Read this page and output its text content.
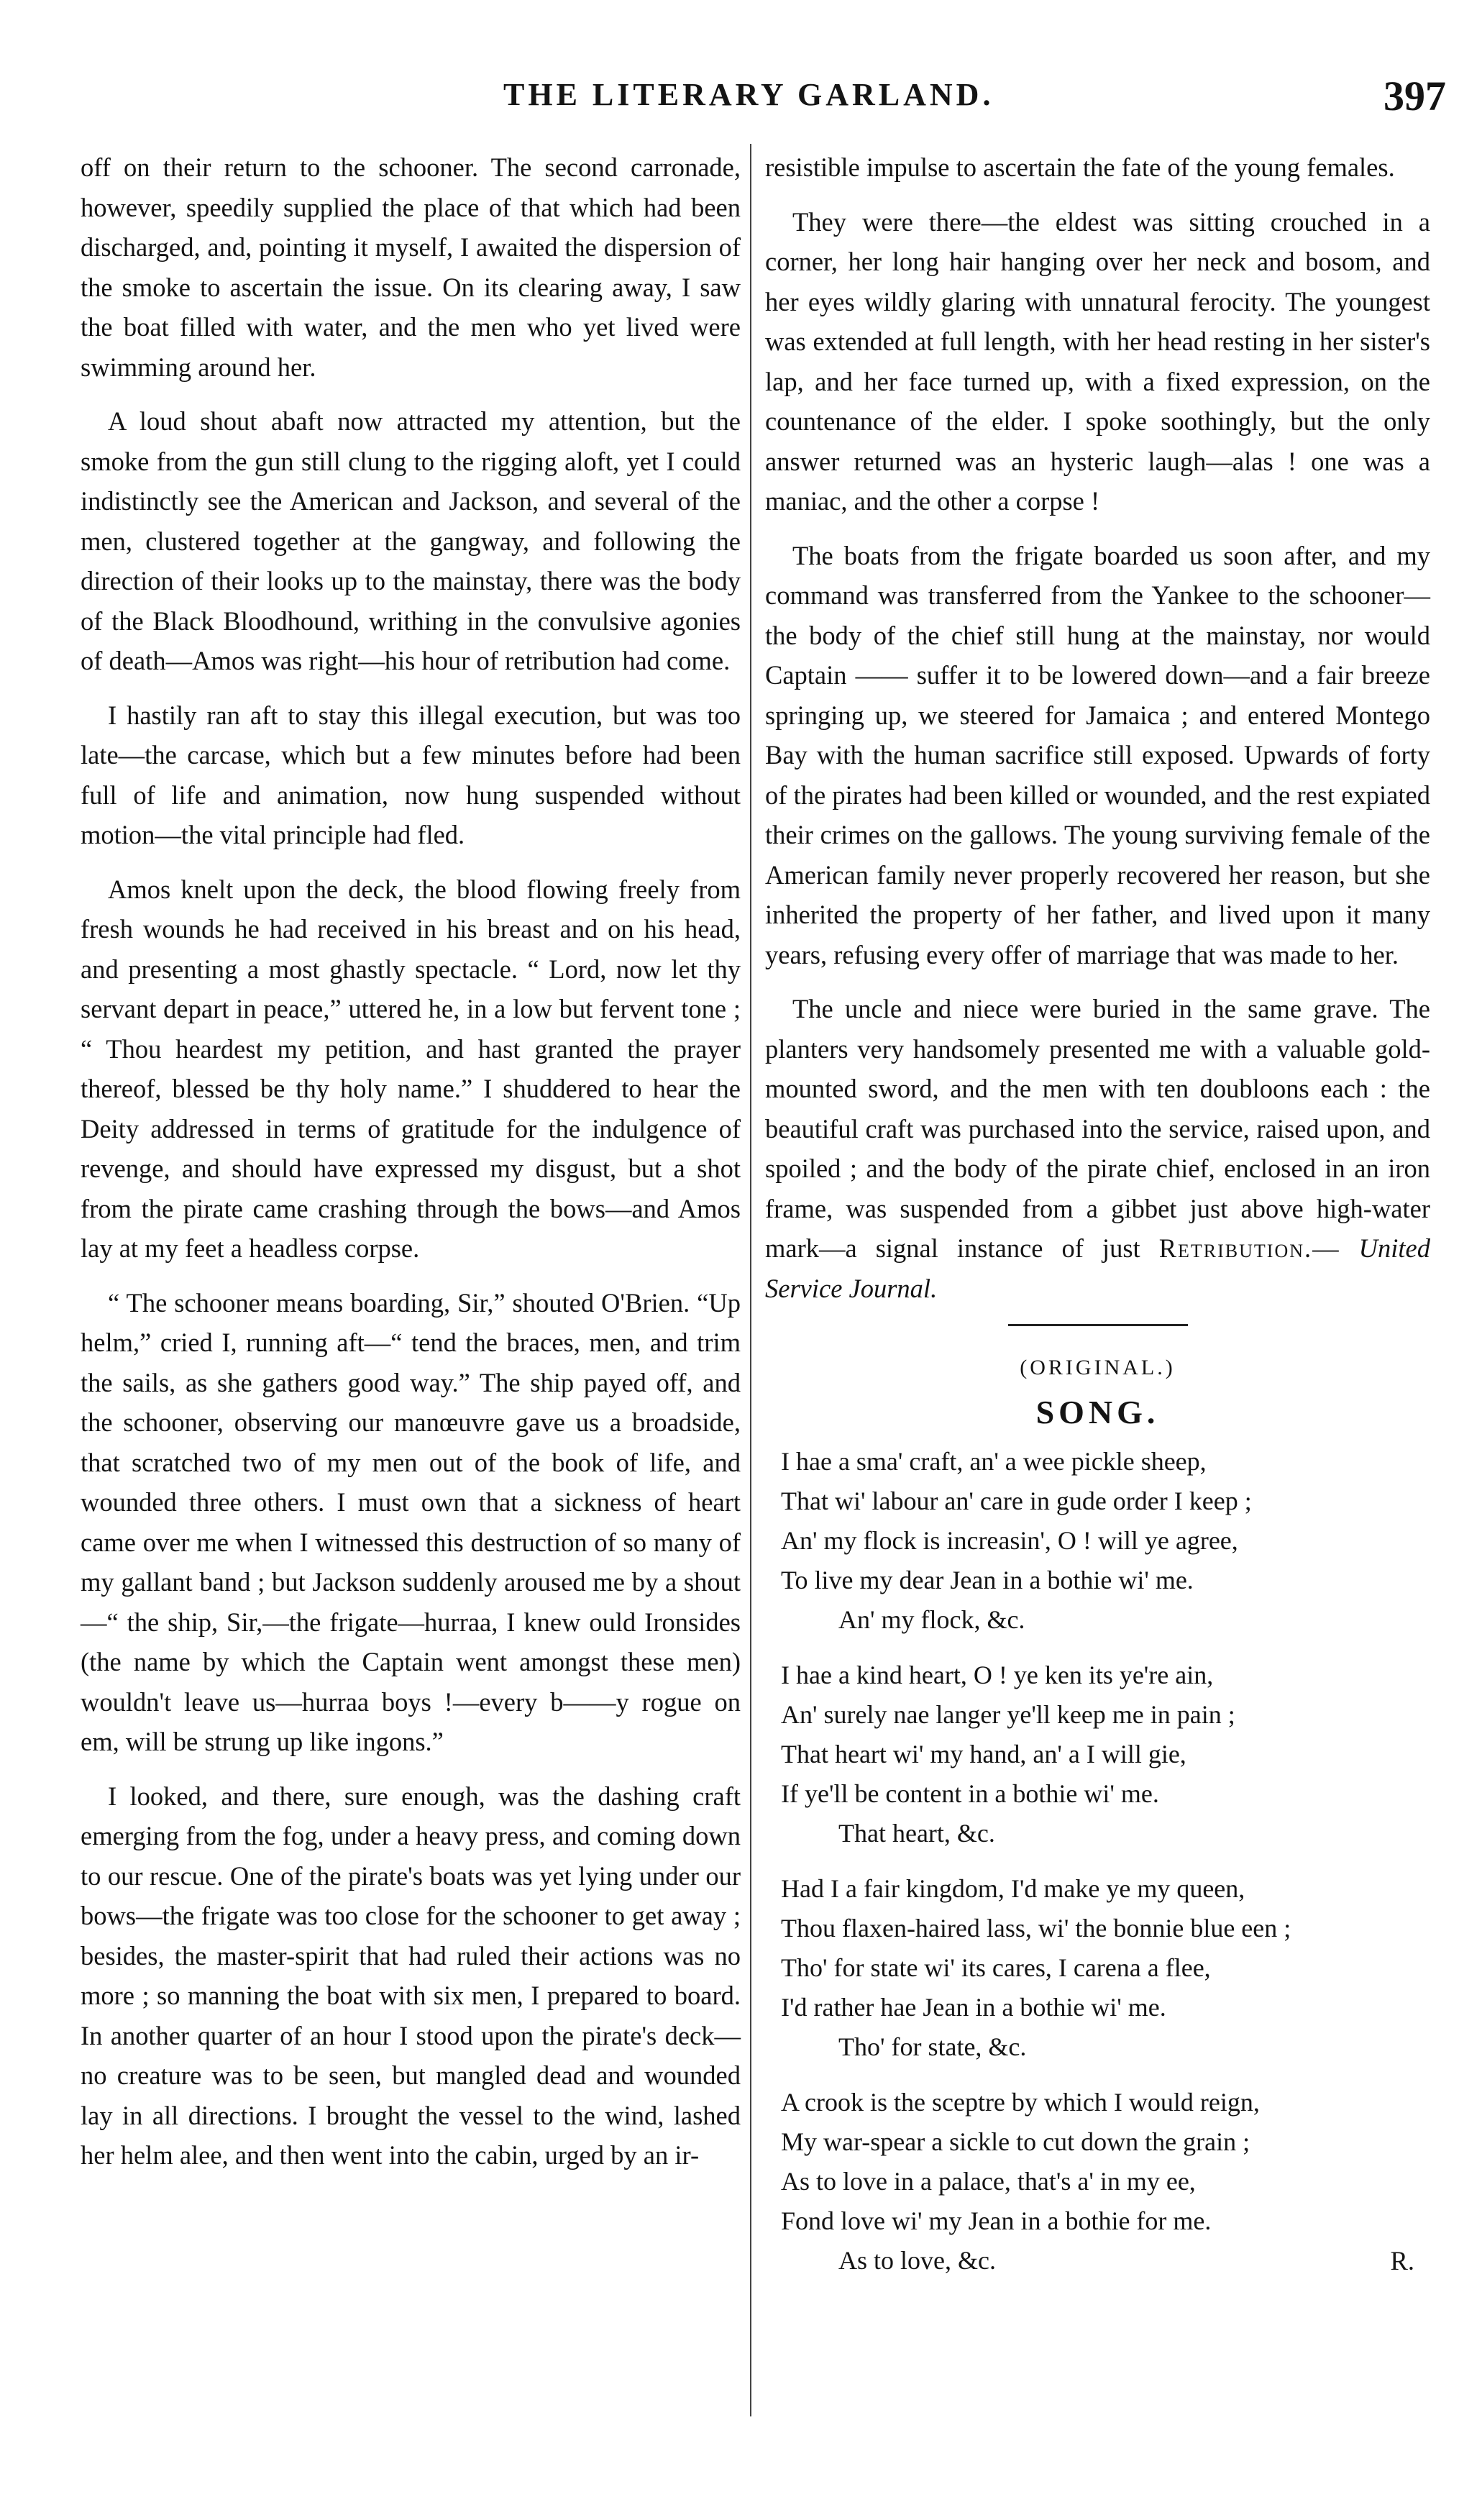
THE LITERARY GARLAND.	397

off on their return to the schooner. The second carronade, however, speedily supplied the place of that which had been discharged, and, pointing it myself, I awaited the dispersion of the smoke to ascertain the issue. On its clearing away, I saw the boat filled with water, and the men who yet lived were swimming around her.

A loud shout abaft now attracted my attention, but the smoke from the gun still clung to the rigging aloft, yet I could indistinctly see the American and Jackson, and several of the men, clustered together at the gangway, and following the direction of their looks up to the mainstay, there was the body of the Black Bloodhound, writhing in the convulsive agonies of death—Amos was right—his hour of retribution had come.

I hastily ran aft to stay this illegal execution, but was too late—the carcase, which but a few minutes before had been full of life and animation, now hung suspended without motion—the vital principle had fled.

Amos knelt upon the deck, the blood flowing freely from fresh wounds he had received in his breast and on his head, and presenting a most ghastly spectacle. “ Lord, now let thy servant depart in peace,” uttered he, in a low but fervent tone ; “ Thou heardest my petition, and hast granted the prayer thereof, blessed be thy holy name.” I shuddered to hear the Deity addressed in terms of gratitude for the indulgence of revenge, and should have expressed my disgust, but a shot from the pirate came crashing through the bows—and Amos lay at my feet a headless corpse.

“ The schooner means boarding, Sir,” shouted O'Brien. “Up helm,” cried I, running aft—“ tend the braces, men, and trim the sails, as she gathers good way.” The ship payed off, and the schooner, observing our manœuvre gave us a broadside, that scratched two of my men out of the book of life, and wounded three others. I must own that a sickness of heart came over me when I witnessed this destruction of so many of my gallant band ; but Jackson suddenly aroused me by a shout—“ the ship, Sir,—the frigate—hurraa, I knew ould Ironsides (the name by which the Captain went amongst these men) wouldn't leave us—hurraa boys !—every b——y rogue on em, will be strung up like ingons.”

I looked, and there, sure enough, was the dashing craft emerging from the fog, under a heavy press, and coming down to our rescue. One of the pirate's boats was yet lying under our bows—the frigate was too close for the schooner to get away ; besides, the master-spirit that had ruled their actions was no more ; so manning the boat with six men, I prepared to board. In another quarter of an hour I stood upon the pirate's deck—no creature was to be seen, but mangled dead and wounded lay in all directions. I brought the vessel to the wind, lashed her helm alee, and then went into the cabin, urged by an ir-

resistible impulse to ascertain the fate of the young females.

They were there—the eldest was sitting crouched in a corner, her long hair hanging over her neck and bosom, and her eyes wildly glaring with unnatural ferocity. The youngest was extended at full length, with her head resting in her sister's lap, and her face turned up, with a fixed expression, on the countenance of the elder. I spoke soothingly, but the only answer returned was an hysteric laugh—alas ! one was a maniac, and the other a corpse !

The boats from the frigate boarded us soon after, and my command was transferred from the Yankee to the schooner—the body of the chief still hung at the mainstay, nor would Captain —— suffer it to be lowered down—and a fair breeze springing up, we steered for Jamaica ; and entered Montego Bay with the human sacrifice still exposed. Upwards of forty of the pirates had been killed or wounded, and the rest expiated their crimes on the gallows. The young surviving female of the American family never properly recovered her reason, but she inherited the property of her father, and lived upon it many years, refusing every offer of marriage that was made to her.

The uncle and niece were buried in the same grave. The planters very handsomely presented me with a valuable gold-mounted sword, and the men with ten doubloons each : the beautiful craft was purchased into the service, raised upon, and spoiled ; and the body of the pirate chief, enclosed in an iron frame, was suspended from a gibbet just above high-water mark—a signal instance of just Retribution.— United Service Journal.

(ORIGINAL.)
SONG.
I hae a sma' craft, an' a wee pickle sheep,
That wi' labour an' care in gude order I keep ;
An' my flock is increasin', O ! will ye agree,
To live my dear Jean in a bothie wi' me.
An' my flock, &c.
I hae a kind heart, O ! ye ken its ye're ain,
An' surely nae langer ye'll keep me in pain ;
That heart wi' my hand, an' a I will gie,
If ye'll be content in a bothie wi' me.
That heart, &c.
Had I a fair kingdom, I'd make ye my queen,
Thou flaxen-haired lass, wi' the bonnie blue een ;
Tho' for state wi' its cares, I carena a flee,
I'd rather hae Jean in a bothie wi' me.
Tho' for state, &c.
A crook is the sceptre by which I would reign,
My war-spear a sickle to cut down the grain ;
As to love in a palace, that's a' in my ee,
Fond love wi' my Jean in a bothie for me.
As to love, &c.	R.
